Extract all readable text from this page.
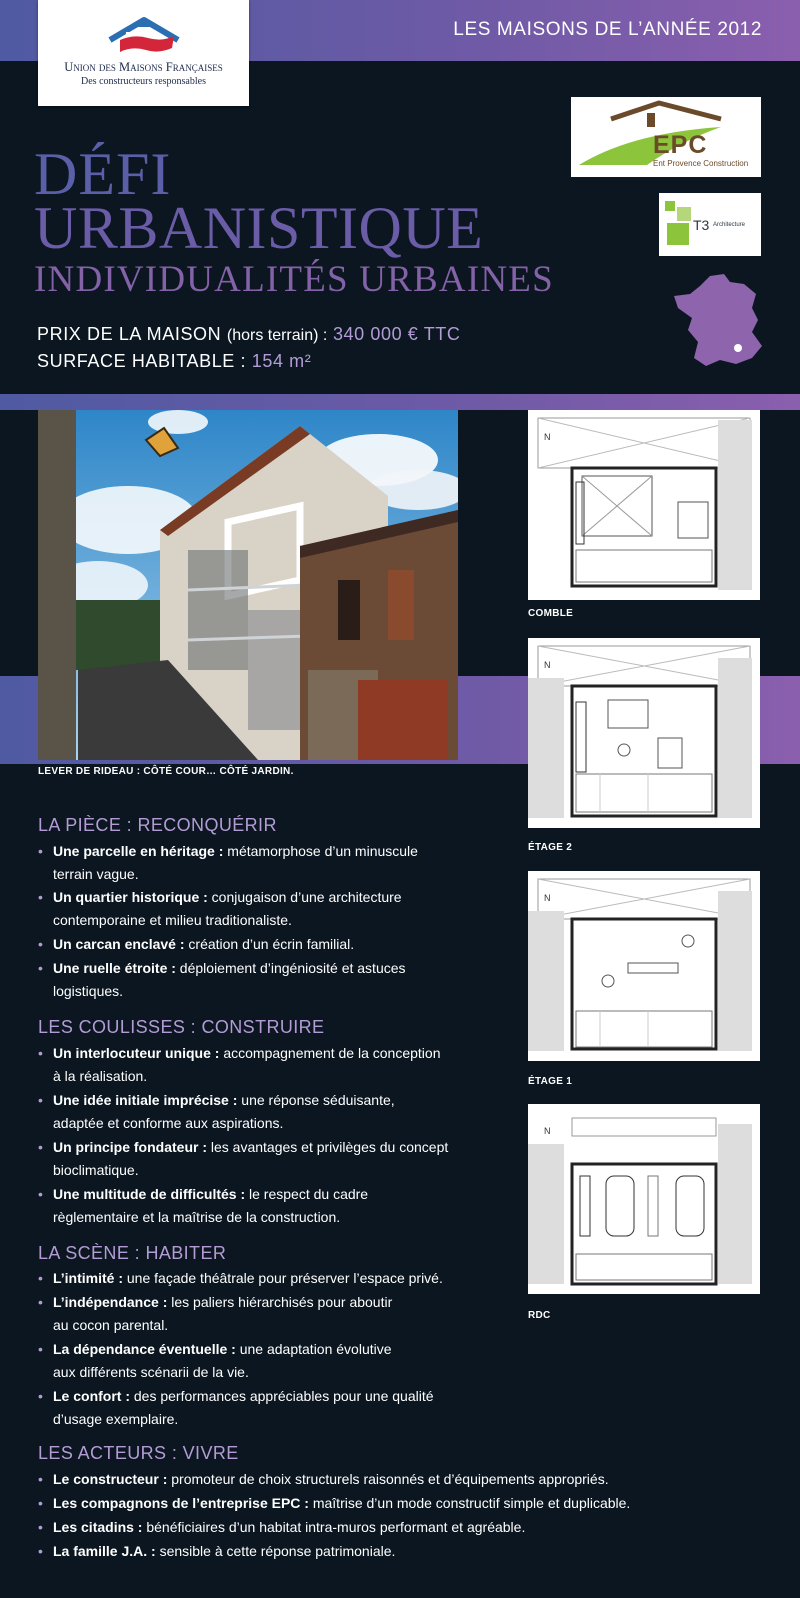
LES MAISONS DE L’ANNÉE 2012
Union des Maisons Françaises
Des constructeurs responsables
DÉFI
URBANISTIQUE
INDIVIDUALITÉS URBAINES
PRIX DE LA MAISON (hors terrain) : 340 000 € TTC
SURFACE HABITABLE : 154 m²
EPC
Ent Provence Construction
T3 Architecture
LEVER DE RIDEAU : CÔTÉ COUR… CÔTÉ JARDIN.
N
COMBLE
N
ÉTAGE 2
N
ÉTAGE 1
N
RDC
LA PIÈCE : RECONQUÉRIR
• Une parcelle en héritage : métamorphose d’un minuscule
terrain vague.
• Un quartier historique : conjugaison d’une architecture
contemporaine et milieu traditionaliste.
• Un carcan enclavé : création d’un écrin familial.
• Une ruelle étroite : déploiement d’ingéniosité et astuces
logistiques.
LES COULISSES : CONSTRUIRE
• Un interlocuteur unique : accompagnement de la conception
à la réalisation.
• Une idée initiale imprécise : une réponse séduisante,
adaptée et conforme aux aspirations.
• Un principe fondateur : les avantages et privilèges du concept
bioclimatique.
• Une multitude de difficultés : le respect du cadre
règlementaire et la maîtrise de la construction.
LA SCÈNE : HABITER
• L’intimité : une façade théâtrale pour préserver l’espace privé.
• L’indépendance : les paliers hiérarchisés pour aboutir
au cocon parental.
• La dépendance éventuelle : une adaptation évolutive
aux différents scénarii de la vie.
• Le confort : des performances appréciables pour une qualité
d’usage exemplaire.
LES ACTEURS : VIVRE
• Le constructeur : promoteur de choix structurels raisonnés et d’équipements appropriés.
• Les compagnons de l’entreprise EPC : maîtrise d’un mode constructif simple et duplicable.
• Les citadins : bénéficiaires d’un habitat intra-muros performant et agréable.
• La famille J.A. : sensible à cette réponse patrimoniale.
